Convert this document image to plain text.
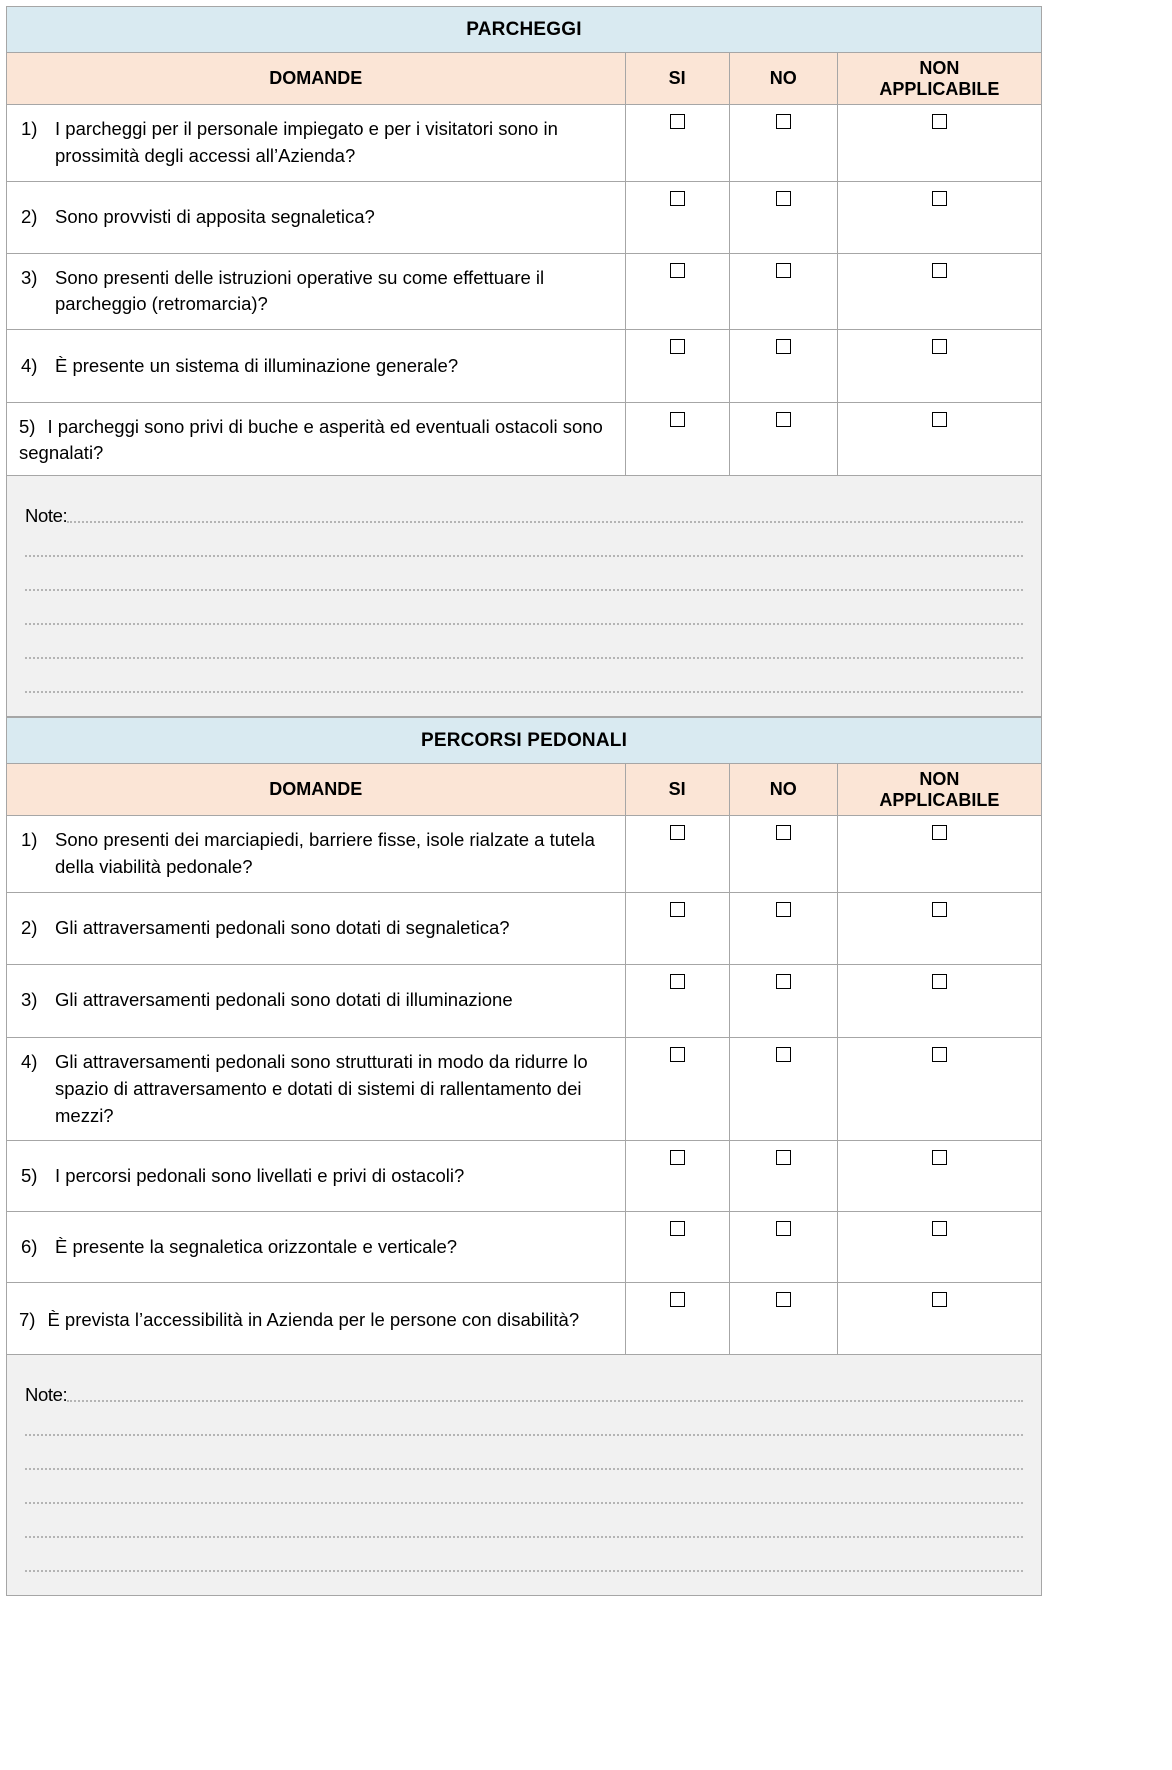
PARCHEGGI			
DOMANDE	SI	NO	NON
APPLICABILE
1) I parcheggi per il personale impiegato e per i visitatori sono in prossimità degli accessi all’Azienda?			
2) Sono provvisti di apposita segnaletica?			
3) Sono presenti delle istruzioni operative su come effettuare il parcheggio (retromarcia)?			
4) È presente un sistema di illuminazione generale?			
5) I parcheggi sono privi di buche e asperità ed eventuali ostacoli sono segnalati?			
Note:
PERCORSI PEDONALI			
DOMANDE	SI	NO	NON
APPLICABILE
1) Sono presenti dei marciapiedi, barriere fisse, isole rialzate a tutela della viabilità pedonale?			
2) Gli attraversamenti pedonali sono dotati di segnaletica?			
3) Gli attraversamenti pedonali sono dotati di illuminazione			
4) Gli attraversamenti pedonali sono strutturati in modo da ridurre lo spazio di attraversamento e dotati di sistemi di rallentamento dei mezzi?			
5) I percorsi pedonali sono livellati e privi di ostacoli?			
6) È presente la segnaletica orizzontale e verticale?			
7) È prevista l’accessibilità in Azienda per le persone con disabilità?			
Note:
